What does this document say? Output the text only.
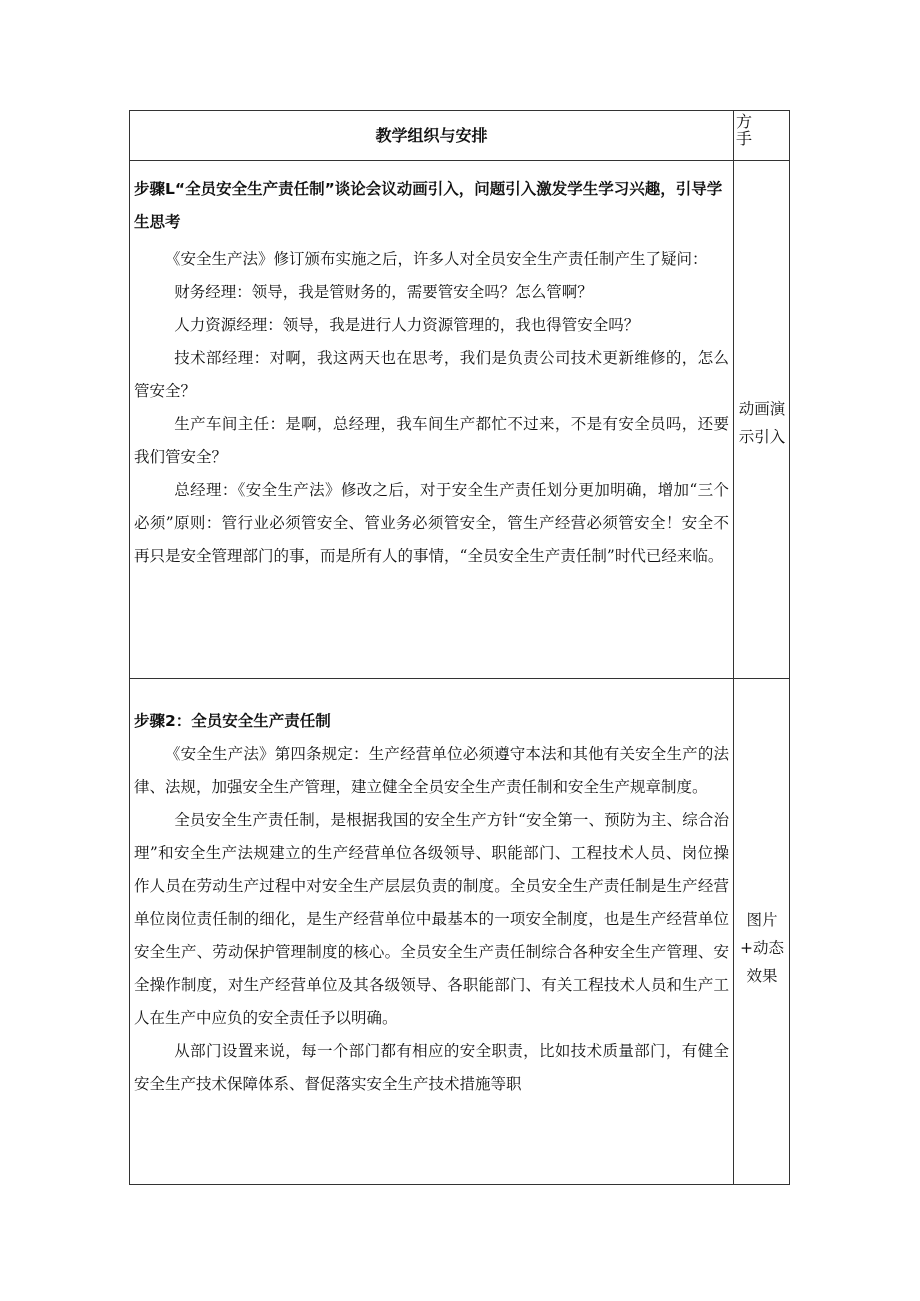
教学组织与安排
方手

步骤L“全员安全生产责任制”谈论会议动画引入，问题引入激发学生学习兴趣，引导学生思考

《安全生产法》修订颁布实施之后，许多人对全员安全生产责任制产生了疑问：

财务经理：领导，我是管财务的，需要管安全吗？怎么管啊？

人力资源经理：领导，我是进行人力资源管理的，我也得管安全吗？

技术部经理：对啊，我这两天也在思考，我们是负责公司技术更新维修的，怎么管安全？

生产车间主任：是啊，总经理，我车间生产都忙不过来，不是有安全员吗，还要我们管安全？

总经理：《安全生产法》修改之后，对于安全生产责任划分更加明确，增加“三个必须”原则：管行业必须管安全、管业务必须管安全，管生产经营必须管安全！安全不再只是安全管理部门的事，而是所有人的事情，“全员安全生产责任制”时代已经来临。

动画演示引入

步骤2：全员安全生产责任制

《安全生产法》第四条规定：生产经营单位必须遵守本法和其他有关安全生产的法律、法规，加强安全生产管理，建立健全全员安全生产责任制和安全生产规章制度。

全员安全生产责任制，是根据我国的安全生产方针“安全第一、预防为主、综合治理”和安全生产法规建立的生产经营单位各级领导、职能部门、工程技术人员、岗位操作人员在劳动生产过程中对安全生产层层负责的制度。全员安全生产责任制是生产经营单位岗位责任制的细化，是生产经营单位中最基本的一项安全制度，也是生产经营单位安全生产、劳动保护管理制度的核心。全员安全生产责任制综合各种安全生产管理、安全操作制度，对生产经营单位及其各级领导、各职能部门、有关工程技术人员和生产工人在生产中应负的安全责任予以明确。

从部门设置来说，每一个部门都有相应的安全职责，比如技术质量部门，有健全安全生产技术保障体系、督促落实安全生产技术措施等职

图片+动态效果
